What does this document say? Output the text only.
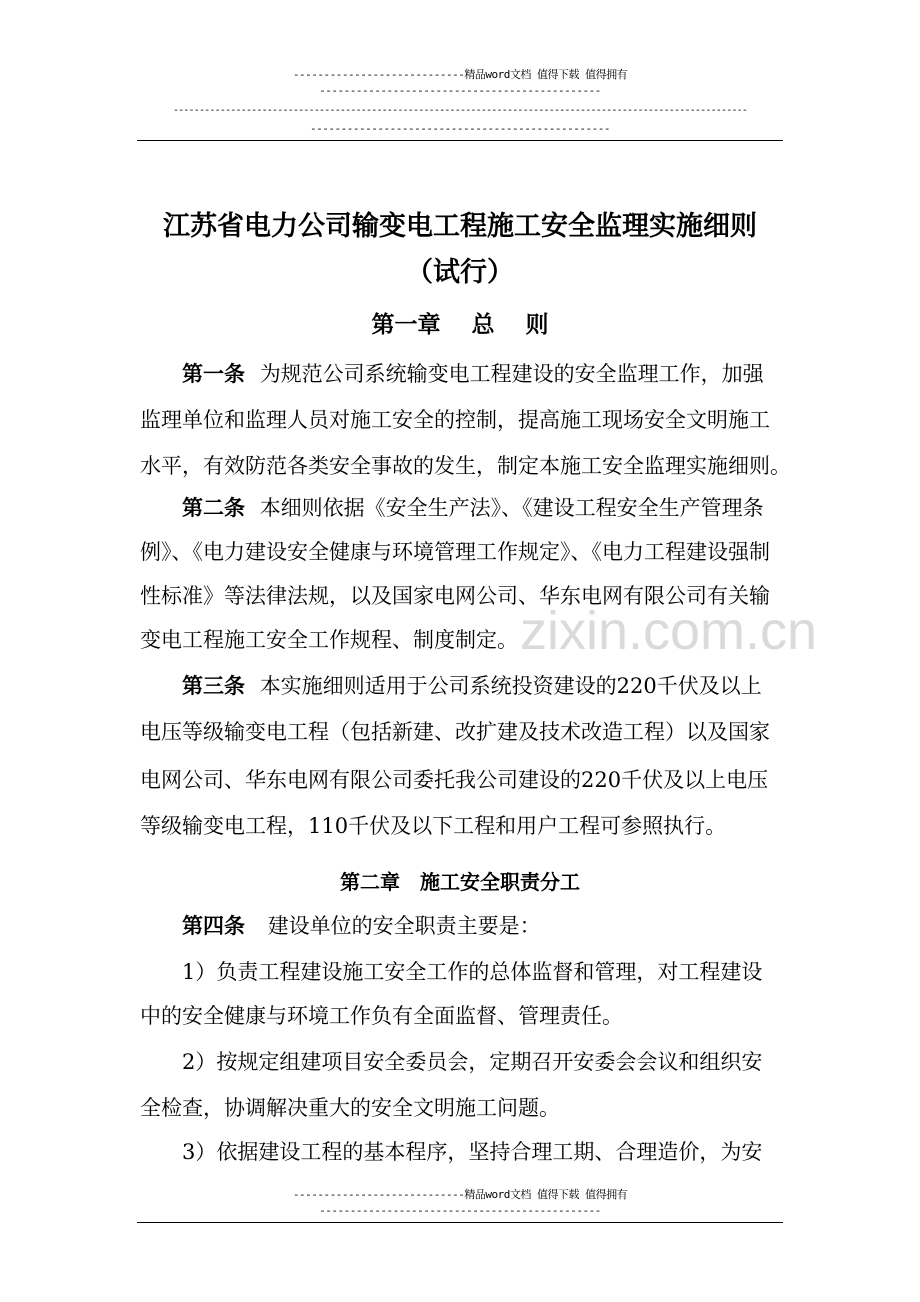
----------------------------精品word文档 值得下载 值得拥有
----------------------------------------------
--------------------------------------------------------------------------------------------------------------
-------------------------------------------------
江苏省电力公司输变电工程施工安全监理实施细则
（试行）
第一章　 总　 则
第一条 为规范公司系统输变电工程建设的安全监理工作，加强
监理单位和监理人员对施工安全的控制，提高施工现场安全文明施工
水平，有效防范各类安全事故的发生，制定本施工安全监理实施细则。
第二条 本细则依据《安全生产法》、《建设工程安全生产管理条
例》、《电力建设安全健康与环境管理工作规定》、《电力工程建设强制
性标准》等法律法规，以及国家电网公司、华东电网有限公司有关输
变电工程施工安全工作规程、制度制定。 zixin.com.cn
第三条 本实施细则适用于公司系统投资建设的220千伏及以上
电压等级输变电工程（包括新建、改扩建及技术改造工程）以及国家
电网公司、华东电网有限公司委托我公司建设的220千伏及以上电压
等级输变电工程，110千伏及以下工程和用户工程可参照执行。
第二章　施工安全职责分工
第四条 建设单位的安全职责主要是：
1）负责工程建设施工安全工作的总体监督和管理，对工程建设
中的安全健康与环境工作负有全面监督、管理责任。
2）按规定组建项目安全委员会，定期召开安委会会议和组织安
全检查，协调解决重大的安全文明施工问题。
3）依据建设工程的基本程序，坚持合理工期、合理造价，为安
----------------------------精品word文档 值得下载 值得拥有
----------------------------------------------
